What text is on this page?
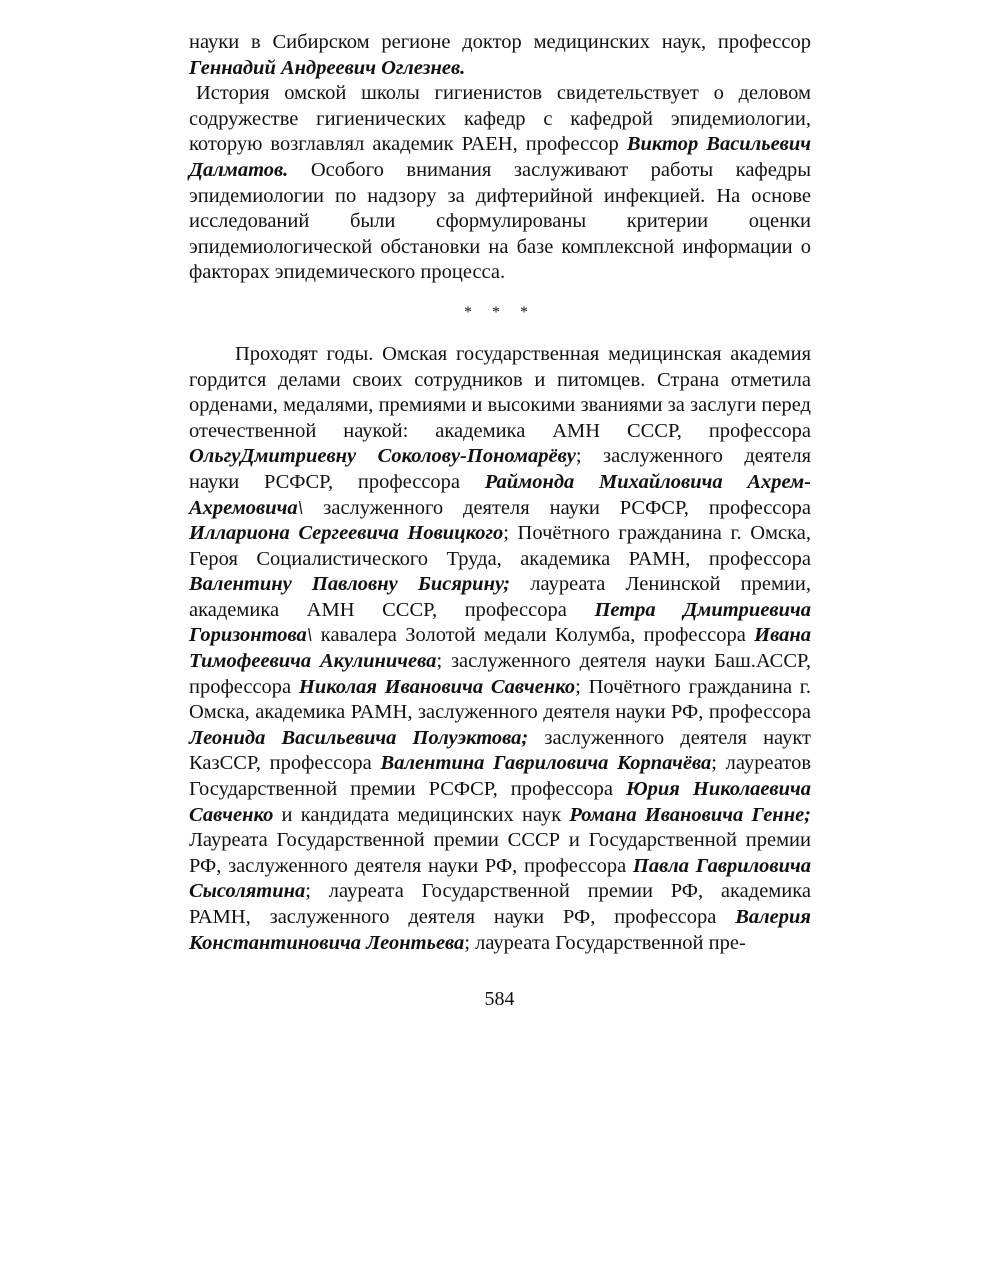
науки в Сибирском регионе доктор медицинских наук, профессор Геннадий Андреевич Оглезнев.

История омской школы гигиенистов свидетельствует о деловом содружестве гигиенических кафедр с кафедрой эпидемиологии, которую возглавлял академик РАЕН, профессор Виктор Васильевич Далматов. Особого внимания заслуживают работы кафедры эпидемиологии по надзору за дифтерийной инфекцией. На основе исследований были сформулированы критерии оценки эпидемиологической обстановки на базе комплексной информации о факторах эпидемического процесса.

* * *

Проходят годы. Омская государственная медицинская академия гордится делами своих сотрудников и питомцев. Страна отметила орденами, медалями, премиями и высокими званиями за заслуги перед отечественной наукой: академика АМН СССР, профессора ОльгуДмитриевну Соколову-Пономарёву; заслуженного деятеля науки РСФСР, профессора Раймонда Михайловича Ахрем-Ахремовича\ заслуженного деятеля науки РСФСР, профессора Иллариона Сергеевича Новицкого; Почётного гражданина г. Омска, Героя Социалистического Труда, академика РАМН, профессора Валентину Павловну Бисярину; лауреата Ленинской премии, академика АМН СССР, профессора Петра Дмитриевича Горизонтова\ кавалера Золотой медали Колумба, профессора Ивана Тимофеевича Акулиничева; заслуженного деятеля науки Баш.АССР, профессора Николая Ивановича Савченко; Почётного гражданина г. Омска, академика РАМН, заслуженного деятеля науки РФ, профессора Леонида Васильевича Полуэктова; заслуженного деятеля наукт КазССР, профессора Валентина Гавриловича Корпачёва; лауреатов Государственной премии РСФСР, профессора Юрия Николаевича Савченко и кандидата медицинских наук Романа Ивановича Генне; Лауреата Государственной премии СССР и Государственной премии РФ, заслуженного деятеля науки РФ, профессора Павла Гавриловича Сысолятина; лауреата Государственной премии РФ, академика РАМН, заслуженного деятеля науки РФ, профессора Валерия Константиновича Леонтьева; лауреата Государственной пре-

584
